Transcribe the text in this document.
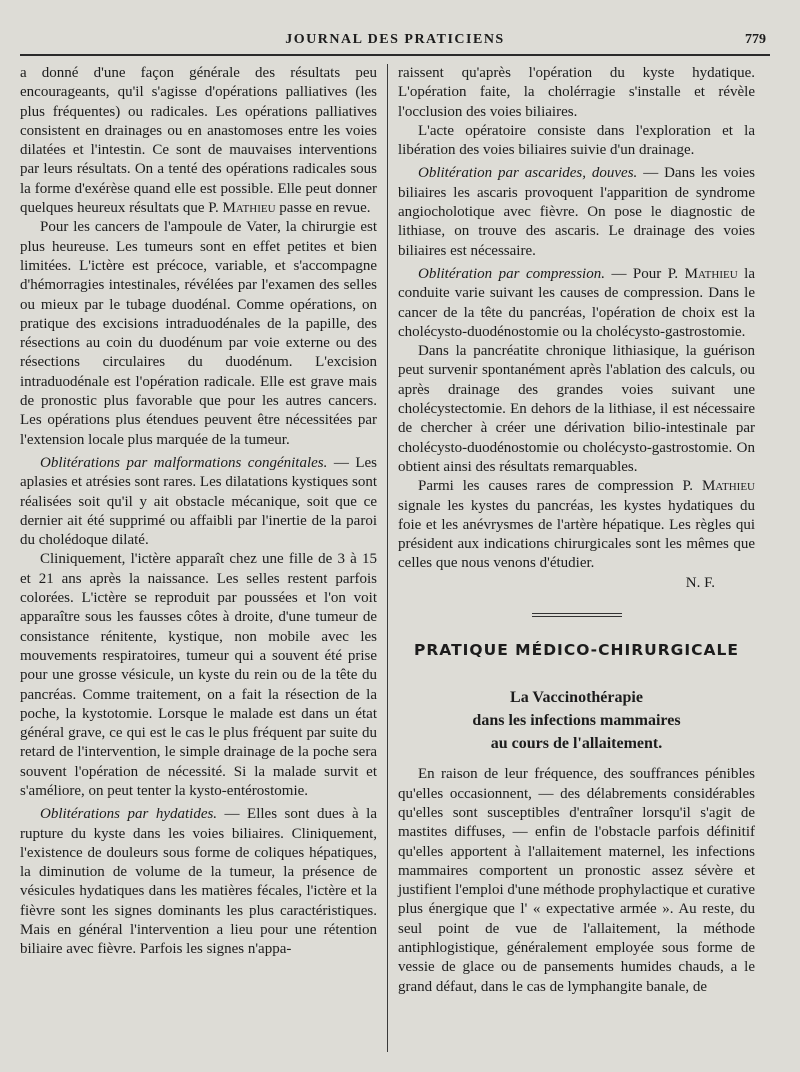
JOURNAL DES PRATICIENS	779

a donné d'une façon générale des résultats peu encourageants, qu'il s'agisse d'opérations palliatives (les plus fréquentes) ou radicales. Les opérations palliatives consistent en drainages ou en anastomoses entre les voies dilatées et l'intestin. Ce sont de mauvaises interventions par leurs résultats. On a tenté des opérations radicales sous la forme d'exérèse quand elle est possible. Elle peut donner quelques heureux résultats que P. Mathieu passe en revue.

Pour les cancers de l'ampoule de Vater, la chirurgie est plus heureuse. Les tumeurs sont en effet petites et bien limitées. L'ictère est précoce, variable, et s'accompagne d'hémorragies intestinales, révélées par l'examen des selles ou mieux par le tubage duodénal. Comme opérations, on pratique des excisions intraduodénales de la papille, des résections au coin du duodénum par voie externe ou des résections circulaires du duodénum. L'excision intraduodénale est l'opération radicale. Elle est grave mais de pronostic plus favorable que pour les autres cancers. Les opérations plus étendues peuvent être nécessitées par l'extension locale plus marquée de la tumeur.

Oblitérations par malformations congénitales. — Les aplasies et atrésies sont rares. Les dilatations kystiques sont réalisées soit qu'il y ait obstacle mécanique, soit que ce dernier ait été supprimé ou affaibli par l'inertie de la paroi du cholédoque dilaté.

Cliniquement, l'ictère apparaît chez une fille de 3 à 15 et 21 ans après la naissance. Les selles restent parfois colorées. L'ictère se reproduit par poussées et l'on voit apparaître sous les fausses côtes à droite, d'une tumeur de consistance rénitente, kystique, non mobile avec les mouvements respiratoires, tumeur qui a souvent été prise pour une grosse vésicule, un kyste du rein ou de la tête du pancréas. Comme traitement, on a fait la résection de la poche, la kystotomie. Lorsque le malade est dans un état général grave, ce qui est le cas le plus fréquent par suite du retard de l'intervention, le simple drainage de la poche sera souvent l'opération de nécessité. Si la malade survit et s'améliore, on peut tenter la kysto-entérostomie.

Oblitérations par hydatides. — Elles sont dues à la rupture du kyste dans les voies biliaires. Cliniquement, l'existence de douleurs sous forme de coliques hépatiques, la diminution de volume de la tumeur, la présence de vésicules hydatiques dans les matières fécales, l'ictère et la fièvre sont les signes dominants les plus caractéristiques. Mais en général l'intervention a lieu pour une rétention biliaire avec fièvre. Parfois les signes n'appa-

raissent qu'après l'opération du kyste hydatique. L'opération faite, la cholérragie s'installe et révèle l'occlusion des voies biliaires.

L'acte opératoire consiste dans l'exploration et la libération des voies biliaires suivie d'un drainage.

Oblitération par ascarides, douves. — Dans les voies biliaires les ascaris provoquent l'apparition de syndrome angiocholotique avec fièvre. On pose le diagnostic de lithiase, on trouve des ascaris. Le drainage des voies biliaires est nécessaire.

Oblitération par compression. — Pour P. Mathieu la conduite varie suivant les causes de compression. Dans le cancer de la tête du pancréas, l'opération de choix est la cholécysto-duodénostomie ou la cholécysto-gastrostomie.

Dans la pancréatite chronique lithiasique, la guérison peut survenir spontanément après l'ablation des calculs, ou après drainage des grandes voies suivant une cholécystectomie. En dehors de la lithiase, il est nécessaire de chercher à créer une dérivation bilio-intestinale par cholécysto-duodénostomie ou cholécysto-gastrostomie. On obtient ainsi des résultats remarquables.

Parmi les causes rares de compression P. Mathieu signale les kystes du pancréas, les kystes hydatiques du foie et les anévrysmes de l'artère hépatique. Les règles qui président aux indications chirurgicales sont les mêmes que celles que nous venons d'étudier.

N. F.
PRATIQUE MÉDICO-CHIRURGICALE
La Vaccinothérapie
dans les infections mammaires
au cours de l'allaitement.

En raison de leur fréquence, des souffrances pénibles qu'elles occasionnent, — des délabrements considérables qu'elles sont susceptibles d'entraîner lorsqu'il s'agit de mastites diffuses, — enfin de l'obstacle parfois définitif qu'elles apportent à l'allaitement maternel, les infections mammaires comportent un pronostic assez sévère et justifient l'emploi d'une méthode prophylactique et curative plus énergique que l' « expectative armée ». Au reste, du seul point de vue de l'allaitement, la méthode antiphlogistique, généralement employée sous forme de vessie de glace ou de pansements humides chauds, a le grand défaut, dans le cas de lymphangite banale, de
